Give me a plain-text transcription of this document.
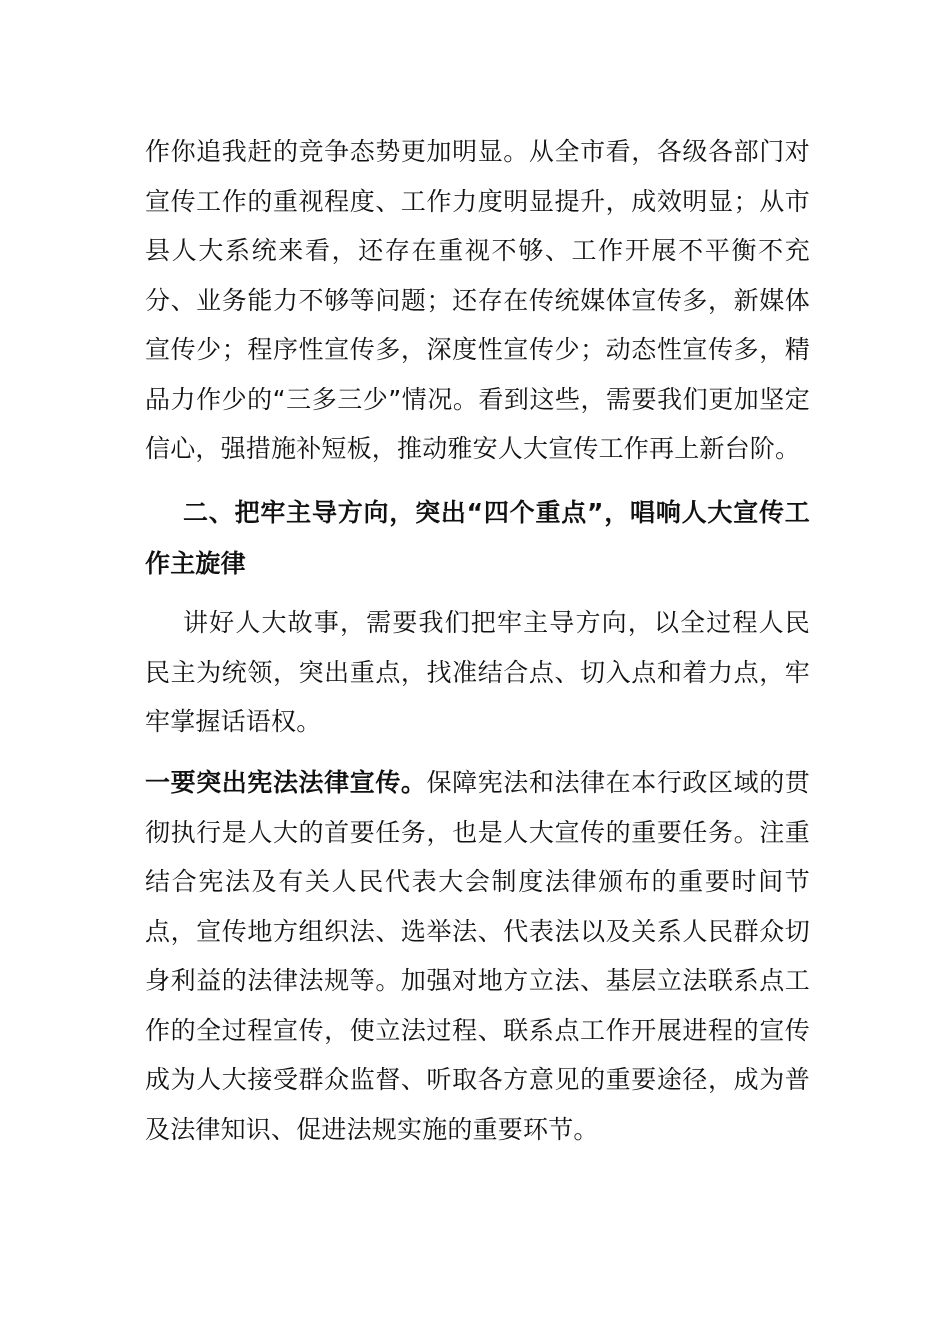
作你追我赶的竞争态势更加明显。从全市看，各级各部门对宣传工作的重视程度、工作力度明显提升，成效明显；从市县人大系统来看，还存在重视不够、工作开展不平衡不充分、业务能力不够等问题；还存在传统媒体宣传多，新媒体宣传少；程序性宣传多，深度性宣传少；动态性宣传多，精品力作少的“三多三少”情况。看到这些，需要我们更加坚定信心，强措施补短板，推动雅安人大宣传工作再上新台阶。

二、把牢主导方向，突出“四个重点”，唱响人大宣传工作主旋律

讲好人大故事，需要我们把牢主导方向，以全过程人民民主为统领，突出重点，找准结合点、切入点和着力点，牢牢掌握话语权。

一要突出宪法法律宣传。保障宪法和法律在本行政区域的贯彻执行是人大的首要任务，也是人大宣传的重要任务。注重结合宪法及有关人民代表大会制度法律颁布的重要时间节点，宣传地方组织法、选举法、代表法以及关系人民群众切身利益的法律法规等。加强对地方立法、基层立法联系点工作的全过程宣传，使立法过程、联系点工作开展进程的宣传成为人大接受群众监督、听取各方意见的重要途径，成为普及法律知识、促进法规实施的重要环节。
